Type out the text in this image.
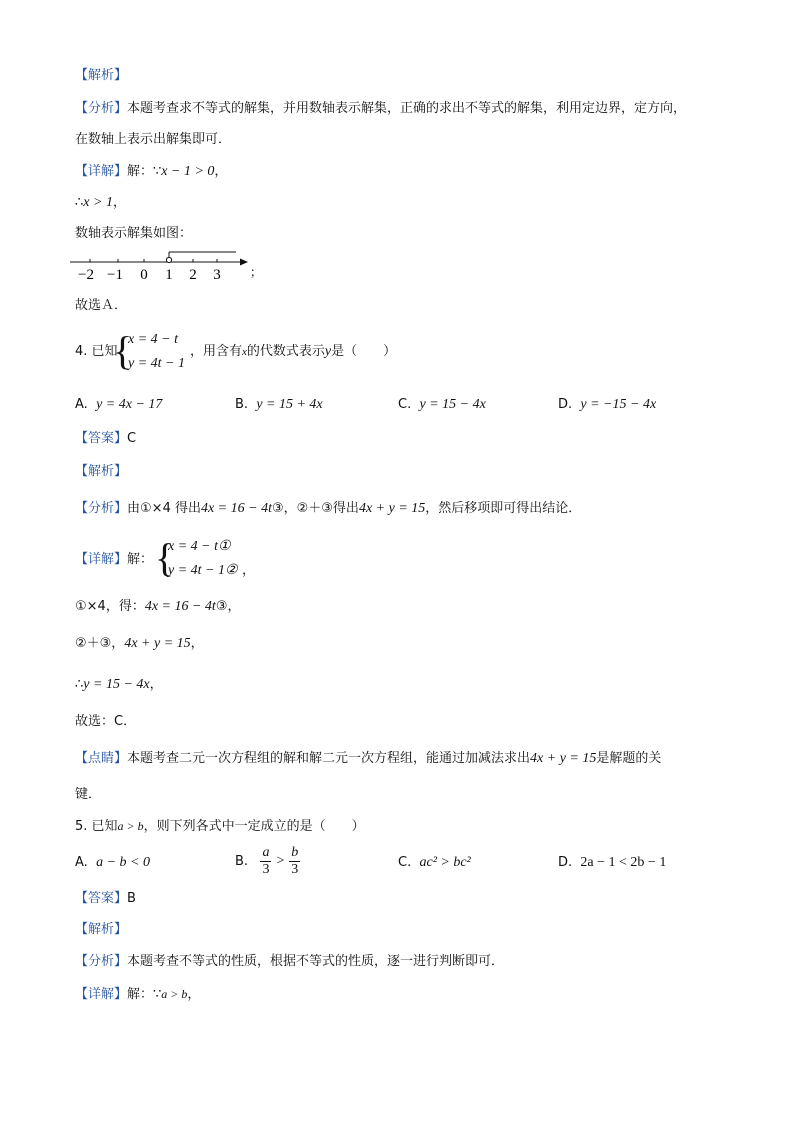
【解析】
【分析】本题考查求不等式的解集，并用数轴表示解集，正确的求出不等式的解集，利用定边界，定方向，
在数轴上表示出解集即可．
【详解】解：∵x − 1 > 0，
∴x > 1，
数轴表示解集如图：
−2 −1 0 1 2 3 ；
故选Ａ．
4. 已知
{
x = 4 − t
y = 4t − 1
，用含有$^x$的代数式表示y是（　　）
A. y = 4x − 17	B. y = 15 + 4x	C. y = 15 − 4x	D. y = −15 − 4x
【答案】C
【解析】
【分析】由①×4 得出4x = 16 − 4t③，②＋③得出4x + y = 15，然后移项即可得出结论．
【详解】解： {
x = 4 − t①
y = 4t − 1② ，
①×4，得：4x = 16 − 4t③，
②＋③，4x + y = 15，
∴y = 15 − 4x，
故选：C．
【点睛】本题考查二元一次方程组的解和解二元一次方程组，能通过加减法求出4x + y = 15是解题的关
键．
5. 已知a > b，则下列各式中一定成立的是（　　）
A. a − b < 0	B. $\frac{a}{3} > \frac{b}{3}$	C. ac² > bc²	D. 2a − 1 < 2b − 1
【答案】B
【解析】
【分析】本题考查不等式的性质，根据不等式的性质，逐一进行判断即可．
【详解】解：∵a > b，
